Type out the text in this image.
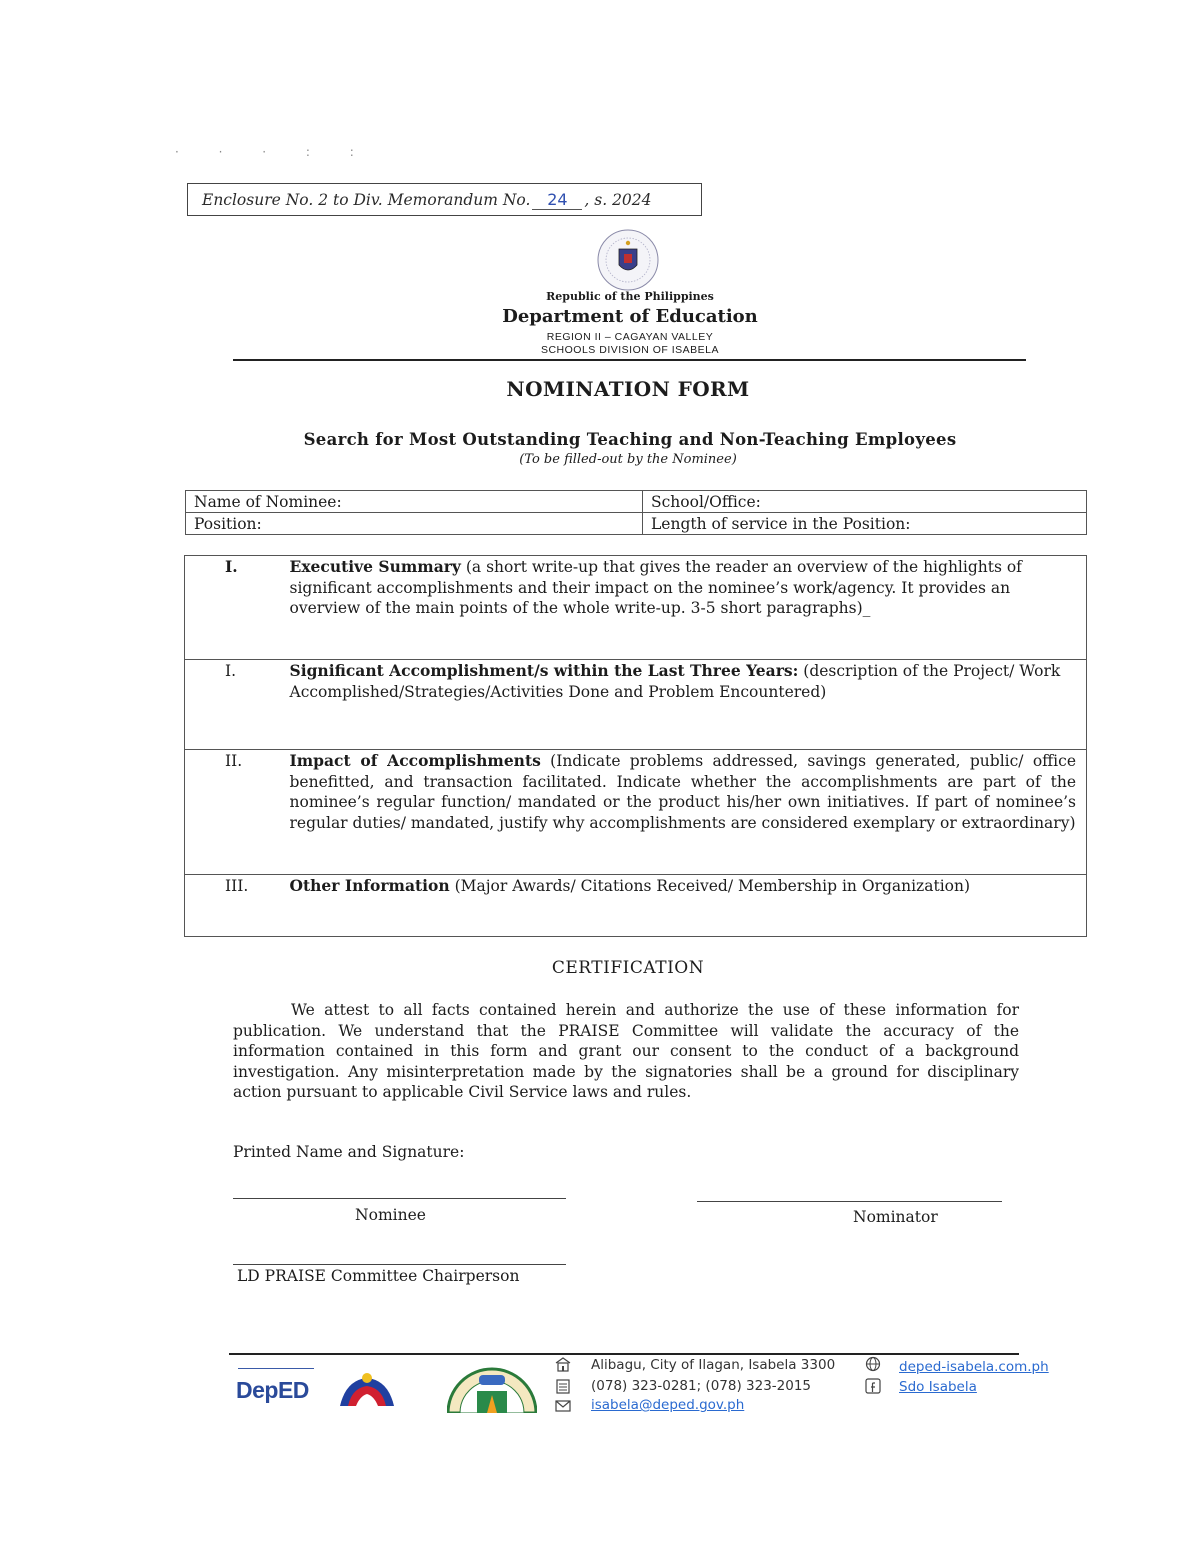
· · · : :
Enclosure No. 2 to Div. Memorandum No.	24	, s. 2024
Republic of the Philippines
Department of Education
REGION II – CAGAYAN VALLEY
SCHOOLS DIVISION OF ISABELA
NOMINATION FORM
Search for Most Outstanding Teaching and Non-Teaching Employees
(To be filled-out by the Nominee)
Name of Nominee:	School/Office:
Position:	Length of service in the Position:
I.	Executive Summary (a short write-up that gives the reader an overview of the highlights of significant accomplishments and their impact on the nominee’s work/agency. It provides an overview of the main points of the whole write-up. 3-5 short paragraphs)_
I.	Significant Accomplishment/s within the Last Three Years: (description of the Project/ Work Accomplished/Strategies/Activities Done and Problem Encountered)
II.	Impact of Accomplishments (Indicate problems addressed, savings generated, public/ office benefitted, and transaction facilitated. Indicate whether the accomplishments are part of the nominee’s regular function/ mandated or the product his/her own initiatives. If part of nominee’s regular duties/ mandated, justify why accomplishments are considered exemplary or extraordinary)
III.	Other Information (Major Awards/ Citations Received/ Membership in Organization)
CERTIFICATION
We attest to all facts contained herein and authorize the use of these information for publication. We understand that the PRAISE Committee will validate the accuracy of the information contained in this form and grant our consent to the conduct of a background investigation. Any misinterpretation made by the signatories shall be a ground for disciplinary action pursuant to applicable Civil Service laws and rules.
Printed Name and Signature:
Nominee	Nominator
LD PRAISE Committee Chairperson
DepED
Alibagu, City of Ilagan, Isabela 3300
(078) 323-0281; (078) 323-2015
isabela@deped.gov.ph
deped-isabela.com.ph
Sdo Isabela
